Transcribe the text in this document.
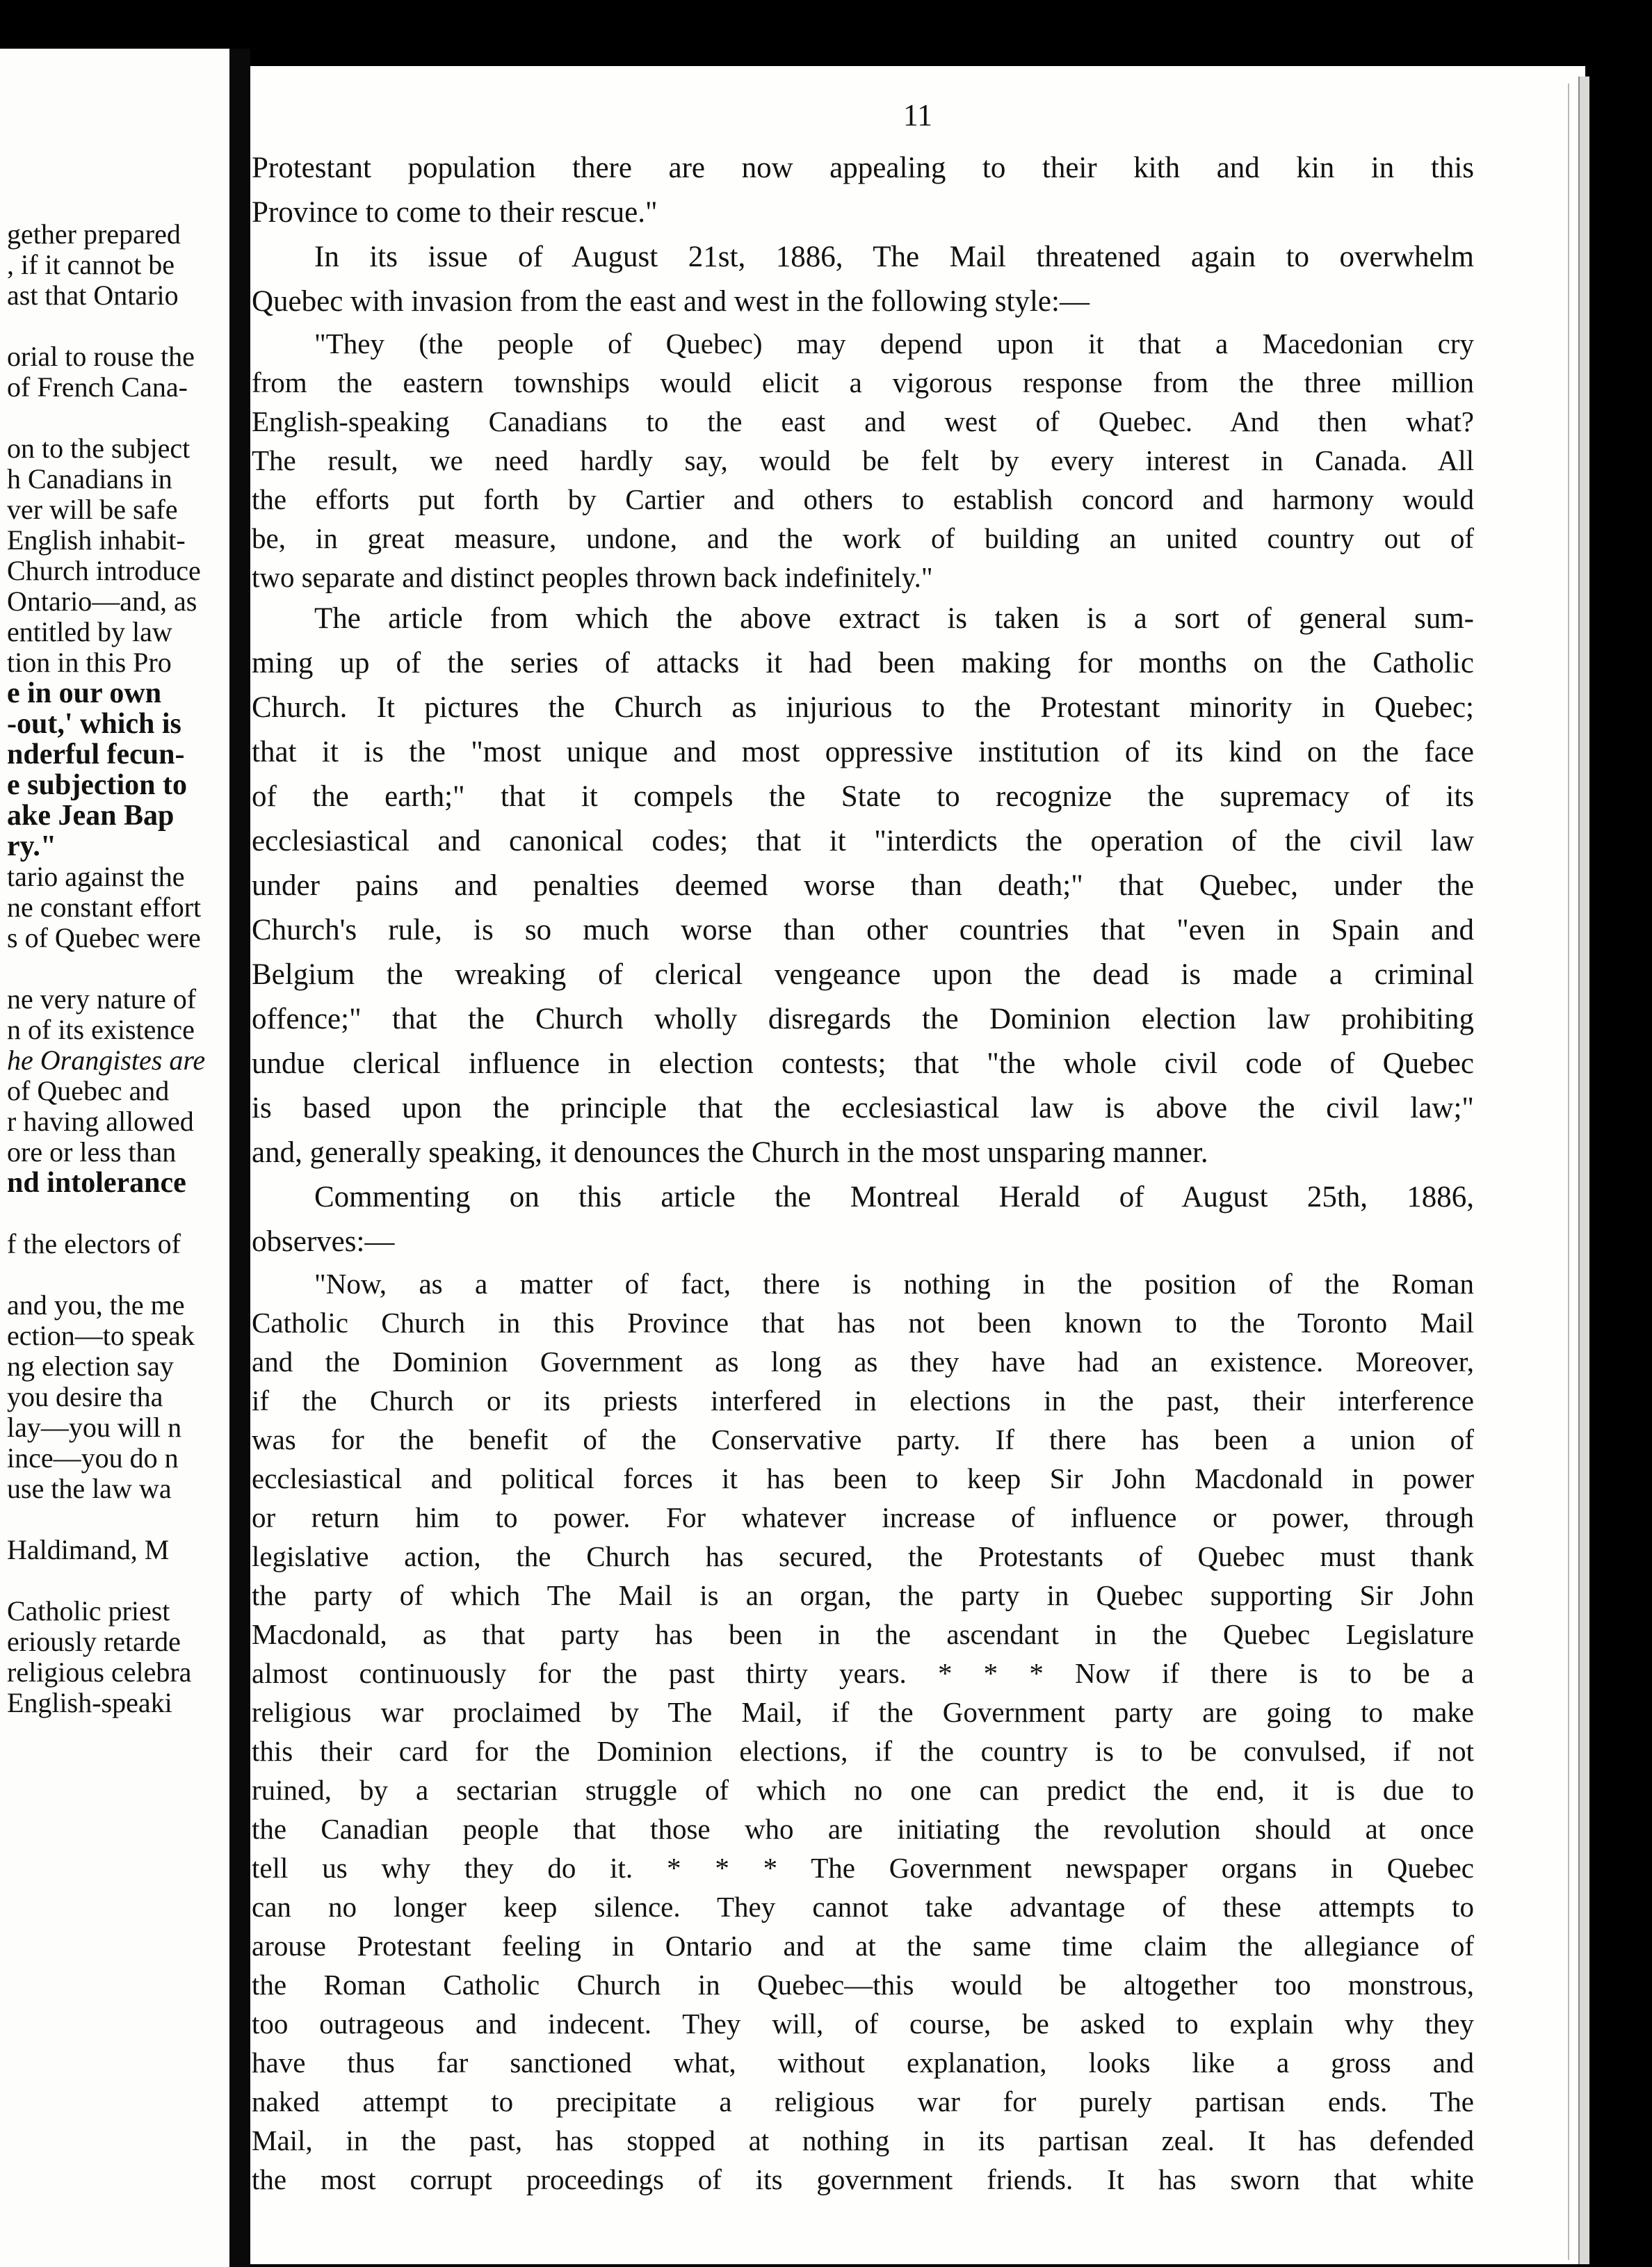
gether prepared
, if it cannot be
ast that Ontario
orial to rouse the
of French Cana-
on to the subject
h Canadians in
ver will be safe
English inhabit-
Church introduce
Ontario—and, as
entitled by law
tion in this Pro
e in our own
-out,' which is
nderful fecun-
e subjection to
ake Jean Bap
ry."
tario against the
ne constant effort
s of Quebec were
ne very nature of
n of its existence
he Orangistes are
of Quebec and
r having allowed
ore or less than
nd intolerance
f the electors of
and you, the me
ection—to speak
ng election say
you desire tha
lay—you will n
ince—you do n
use the law wa
Haldimand, M
Catholic priest
eriously retarde
religious celebra
English-speaki
11
Protestant population there are now appealing to their kith and kin in this
Province to come to their rescue."
In its issue of August 21st, 1886, The Mail threatened again to overwhelm
Quebec with invasion from the east and west in the following style:—
"They (the people of Quebec) may depend upon it that a Macedonian cry
from the eastern townships would elicit a vigorous response from the three million
English-speaking Canadians to the east and west of Quebec. And then what?
The result, we need hardly say, would be felt by every interest in Canada. All
the efforts put forth by Cartier and others to establish concord and harmony would
be, in great measure, undone, and the work of building an united country out of
two separate and distinct peoples thrown back indefinitely."
The article from which the above extract is taken is a sort of general sum-
ming up of the series of attacks it had been making for months on the Catholic
Church. It pictures the Church as injurious to the Protestant minority in Quebec;
that it is the "most unique and most oppressive institution of its kind on the face
of the earth;" that it compels the State to recognize the supremacy of its
ecclesiastical and canonical codes; that it "interdicts the operation of the civil law
under pains and penalties deemed worse than death;" that Quebec, under the
Church's rule, is so much worse than other countries that "even in Spain and
Belgium the wreaking of clerical vengeance upon the dead is made a criminal
offence;" that the Church wholly disregards the Dominion election law prohibiting
undue clerical influence in election contests; that "the whole civil code of Quebec
is based upon the principle that the ecclesiastical law is above the civil law;"
and, generally speaking, it denounces the Church in the most unsparing manner.
Commenting on this article the Montreal Herald of August 25th, 1886,
observes:—
"Now, as a matter of fact, there is nothing in the position of the Roman
Catholic Church in this Province that has not been known to the Toronto Mail
and the Dominion Government as long as they have had an existence. Moreover,
if the Church or its priests interfered in elections in the past, their interference
was for the benefit of the Conservative party. If there has been a union of
ecclesiastical and political forces it has been to keep Sir John Macdonald in power
or return him to power. For whatever increase of influence or power, through
legislative action, the Church has secured, the Protestants of Quebec must thank
the party of which The Mail is an organ, the party in Quebec supporting Sir John
Macdonald, as that party has been in the ascendant in the Quebec Legislature
almost continuously for the past thirty years. * * * Now if there is to be a
religious war proclaimed by The Mail, if the Government party are going to make
this their card for the Dominion elections, if the country is to be convulsed, if not
ruined, by a sectarian struggle of which no one can predict the end, it is due to
the Canadian people that those who are initiating the revolution should at once
tell us why they do it. * * * The Government newspaper organs in Quebec
can no longer keep silence. They cannot take advantage of these attempts to
arouse Protestant feeling in Ontario and at the same time claim the allegiance of
the Roman Catholic Church in Quebec—this would be altogether too monstrous,
too outrageous and indecent. They will, of course, be asked to explain why they
have thus far sanctioned what, without explanation, looks like a gross and
naked attempt to precipitate a religious war for purely partisan ends. The
Mail, in the past, has stopped at nothing in its partisan zeal. It has defended
the most corrupt proceedings of its government friends. It has sworn that white
